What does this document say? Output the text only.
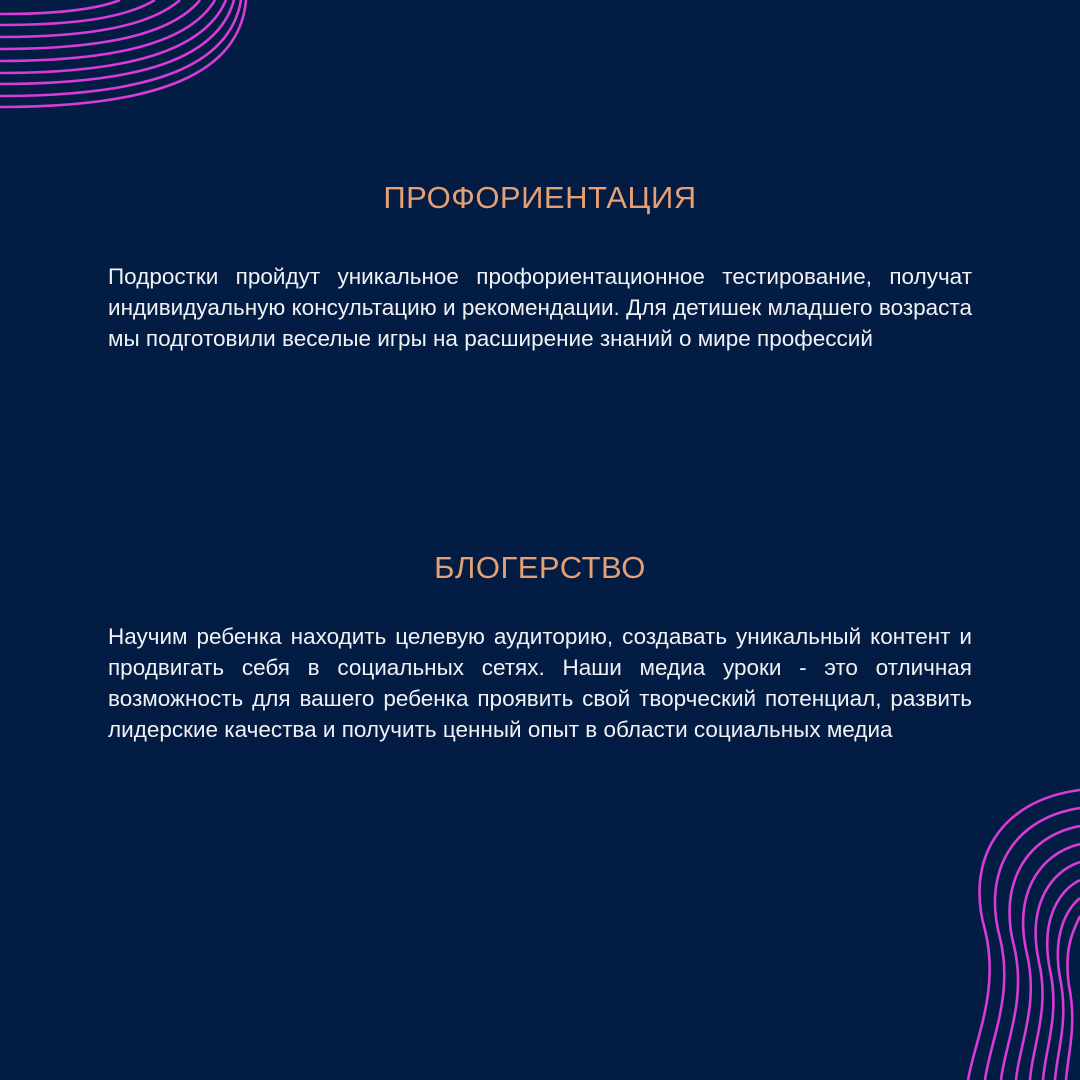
ПРОФОРИЕНТАЦИЯ

Подростки пройдут уникальное профориентационное тестирование, получат индивидуальную консультацию и рекомендации. Для детишек младшего возраста мы подготовили веселые игры на расширение знаний о мире профессий

БЛОГЕРСТВО

Научим ребенка находить целевую аудиторию, создавать уникальный контент и продвигать себя в социальных сетях. Наши медиа уроки - это отличная возможность для вашего ребенка проявить свой творческий потенциал, развить лидерские качества и получить ценный опыт в области социальных медиа
